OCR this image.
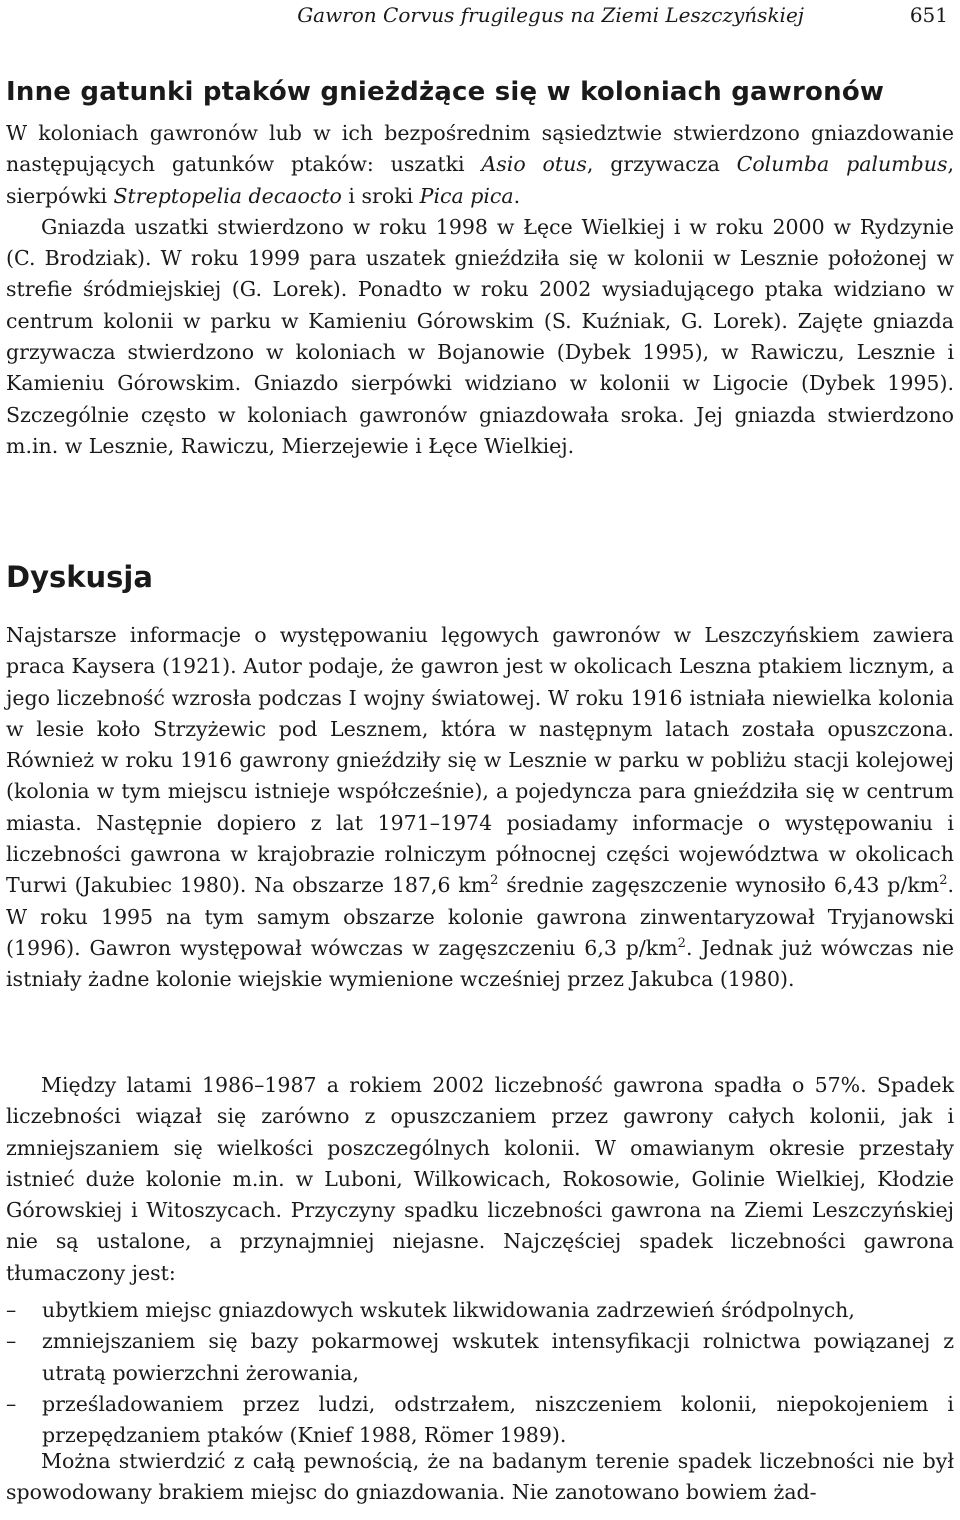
Gawron Corvus frugilegus na Ziemi Leszczyńskiej	651
Inne gatunki ptaków gnieżdżące się w koloniach gawronów

W koloniach gawronów lub w ich bezpośrednim sąsiedztwie stwierdzono gniazdowanie następujących gatunków ptaków: uszatki Asio otus, grzywacza Columba palumbus, sierpówki Streptopelia decaocto i sroki Pica pica.
Gniazda uszatki stwierdzono w roku 1998 w Łęce Wielkiej i w roku 2000 w Rydzynie (C. Brodziak). W roku 1999 para uszatek gnieździła się w kolonii w Lesznie położonej w strefie śródmiejskiej (G. Lorek). Ponadto w roku 2002 wysiadującego ptaka widziano w centrum kolonii w parku w Kamieniu Górowskim (S. Kuźniak, G. Lorek). Zajęte gniazda grzywacza stwierdzono w koloniach w Bojanowie (Dybek 1995), w Rawiczu, Lesznie i Kamieniu Górowskim. Gniazdo sierpówki widziano w kolonii w Ligocie (Dybek 1995). Szczególnie często w koloniach gawronów gniazdowała sroka. Jej gniazda stwierdzono m.in. w Lesznie, Rawiczu, Mierzejewie i Łęce Wielkiej.

Dyskusja

Najstarsze informacje o występowaniu lęgowych gawronów w Leszczyńskiem zawiera praca Kaysera (1921). Autor podaje, że gawron jest w okolicach Leszna ptakiem licznym, a jego liczebność wzrosła podczas I wojny światowej. W roku 1916 istniała niewielka kolonia w lesie koło Strzyżewic pod Lesznem, która w następnym latach została opuszczona. Również w roku 1916 gawrony gnieździły się w Lesznie w parku w pobliżu stacji kolejowej (kolonia w tym miejscu istnieje współcześnie), a pojedyncza para gnieździła się w centrum miasta. Następnie dopiero z lat 1971–1974 posiadamy informacje o występowaniu i liczebności gawrona w krajobrazie rolniczym północnej części województwa w okolicach Turwi (Jakubiec 1980). Na obszarze 187,6 $km^2$ średnie zagęszczenie wynosiło 6,43 $p/km^2$. W roku 1995 na tym samym obszarze kolonie gawrona zinwentaryzował Tryjanowski (1996). Gawron występował wówczas w zagęszczeniu 6,3 $p/km^2$. Jednak już wówczas nie istniały żadne kolonie wiejskie wymienione wcześniej przez Jakubca (1980).

Między latami 1986–1987 a rokiem 2002 liczebność gawrona spadła o 57%. Spadek liczebności wiązał się zarówno z opuszczaniem przez gawrony całych kolonii, jak i zmniejszaniem się wielkości poszczególnych kolonii. W omawianym okresie przestały istnieć duże kolonie m.in. w Luboni, Wilkowicach, Rokosowie, Golinie Wielkiej, Kłodzie Górowskiej i Witoszycach. Przyczyny spadku liczebności gawrona na Ziemi Leszczyńskiej nie są ustalone, a przynajmniej niejasne. Najczęściej spadek liczebności gawrona tłumaczony jest:

– ubytkiem miejsc gniazdowych wskutek likwidowania zadrzewień śródpolnych,
– zmniejszaniem się bazy pokarmowej wskutek intensyfikacji rolnictwa powiązanej z utratą powierzchni żerowania,
– prześladowaniem przez ludzi, odstrzałem, niszczeniem kolonii, niepokojeniem i przepędzaniem ptaków (Knief 1988, Römer 1989).

Można stwierdzić z całą pewnością, że na badanym terenie spadek liczebności nie był spowodowany brakiem miejsc do gniazdowania. Nie zanotowano bowiem żad-
